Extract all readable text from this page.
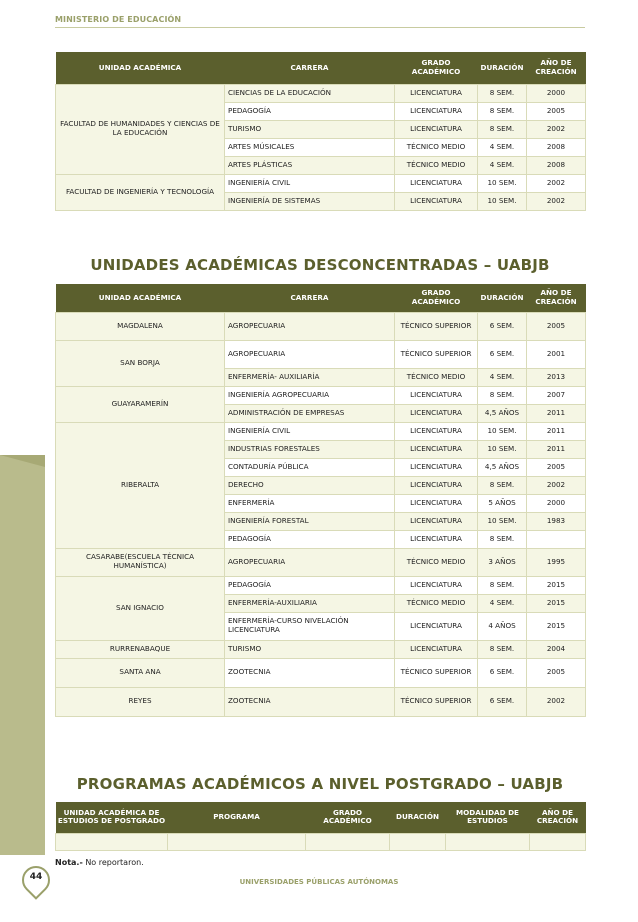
MINISTERIO DE EDUCACIÓN
UNIDAD ACADÉMICA	CARRERA	GRADO ACADÉMICO	DURACIÓN	AÑO DE CREACIÓN
FACULTAD DE HUMANIDADES Y CIENCIAS DE LA EDUCACIÓN	CIENCIAS DE LA EDUCACIÓN	LICENCIATURA	8 SEM.	2000
	PEDAGOGÍA	LICENCIATURA	8 SEM.	2005
	TURISMO	LICENCIATURA	8 SEM.	2002
	ARTES MÚSICALES	TÉCNICO MEDIO	4 SEM.	2008
	ARTES PLÁSTICAS	TÉCNICO MEDIO	4 SEM.	2008
FACULTAD DE INGENIERÍA Y TECNOLOGÍA	INGENIERÍA CIVIL	LICENCIATURA	10 SEM.	2002
	INGENIERÍA DE SISTEMAS	LICENCIATURA	10 SEM.	2002
UNIDADES ACADÉMICAS DESCONCENTRADAS – UABJB
UNIDAD ACADÉMICA	CARRERA	GRADO ACADÉMICO	DURACIÓN	AÑO DE CREACIÓN
MAGDALENA	AGROPECUARIA	TÉCNICO SUPERIOR	6 SEM.	2005
SAN BORJA	AGROPECUARIA	TÉCNICO SUPERIOR	6 SEM.	2001
	ENFERMERÍA- AUXILIARÍA	TÉCNICO MEDIO	4 SEM.	2013
GUAYARAMERÍN	INGENIERÍA AGROPECUARIA	LICENCIATURA	8 SEM.	2007
	ADMINISTRACIÓN DE EMPRESAS	LICENCIATURA	4,5 AÑOS	2011
RIBERALTA	INGENIERÍA CIVIL	LICENCIATURA	10 SEM.	2011
	INDUSTRIAS FORESTALES	LICENCIATURA	10 SEM.	2011
	CONTADURÍA PÚBLICA	LICENCIATURA	4,5 AÑOS	2005
	DERECHO	LICENCIATURA	8 SEM.	2002
	ENFERMERÍA	LICENCIATURA	5 AÑOS	2000
	INGENIERÍA FORESTAL	LICENCIATURA	10 SEM.	1983
	PEDAGOGÍA	LICENCIATURA	8 SEM.	
CASARABE(ESCUELA TÉCNICA HUMANÍSTICA)	AGROPECUARIA	TÉCNICO MEDIO	3 AÑOS	1995
SAN IGNACIO	PEDAGOGÍA	LICENCIATURA	8 SEM.	2015
	ENFERMERÍA-AUXILIARIA	TÉCNICO MEDIO	4 SEM.	2015
	ENFERMERÍA-CURSO NIVELACIÓN LICENCIATURA	LICENCIATURA	4 AÑOS	2015
RURRENABAQUE	TURISMO	LICENCIATURA	8 SEM.	2004
SANTA ANA	ZOOTECNIA	TÉCNICO SUPERIOR	6 SEM.	2005
REYES	ZOOTECNIA	TÉCNICO SUPERIOR	6 SEM.	2002
PROGRAMAS ACADÉMICOS A NIVEL POSTGRADO – UABJB
UNIDAD ACADÉMICA DE ESTUDIOS DE POSTGRADO	PROGRAMA	GRADO ACADÉMICO	DURACIÓN	MODALIDAD DE ESTUDIOS	AÑO DE CREACIÓN

Nota.- No reportaron.
UNIVERSIDADES PÚBLICAS AUTÓNOMAS
44
